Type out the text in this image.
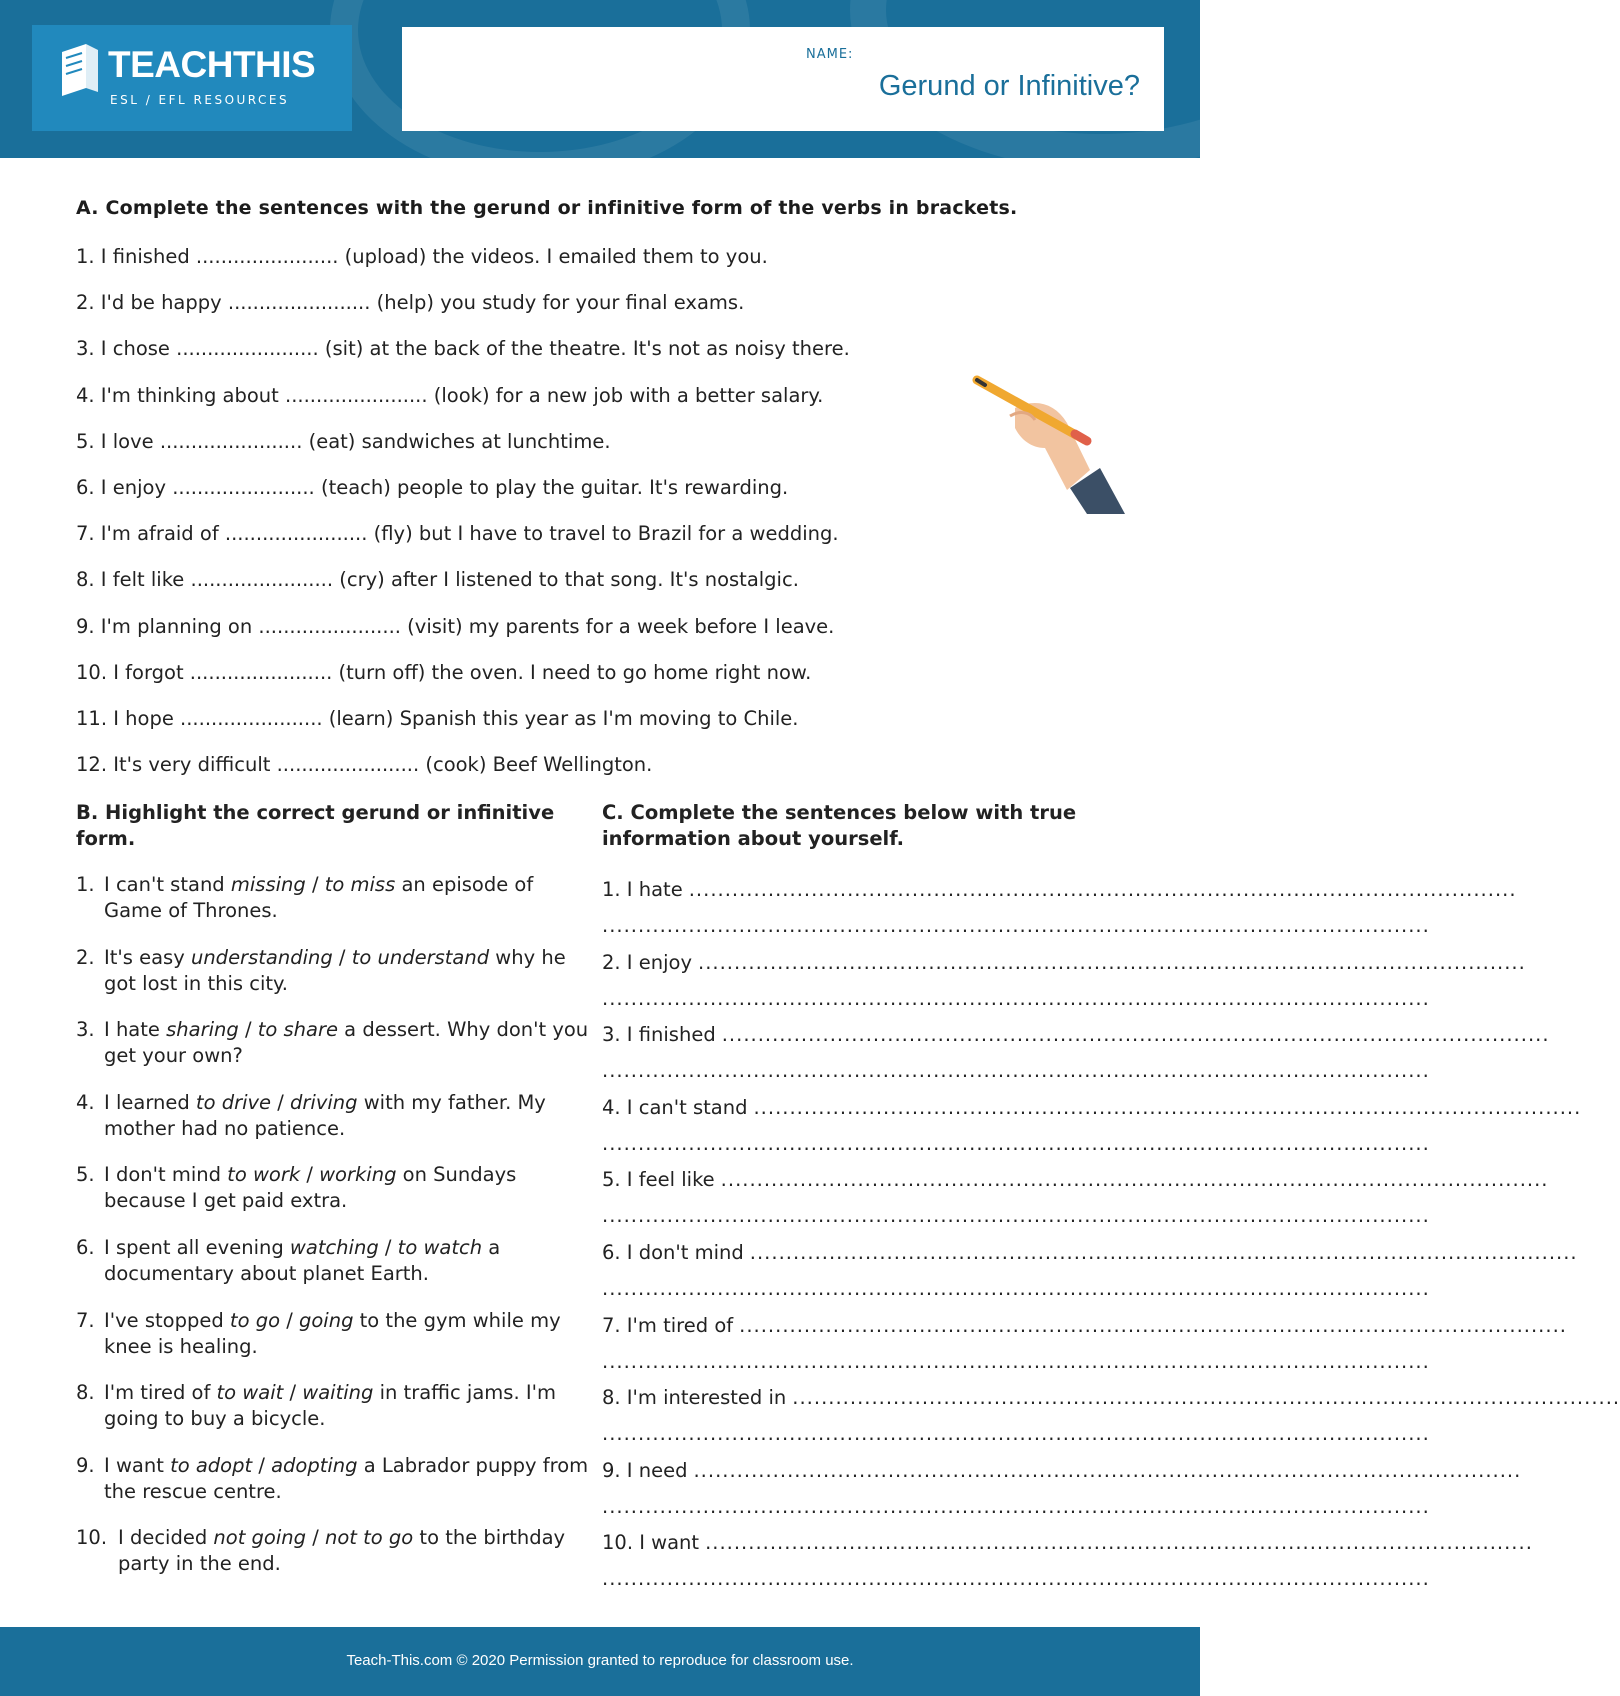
TEACHTHIS
ESL / EFL RESOURCES
NAME:
Gerund or Infinitive?
A. Complete the sentences with the gerund or infinitive form of the verbs in brackets.
1. I finished ....................... (upload) the videos. I emailed them to you.
2. I'd be happy ....................... (help) you study for your final exams.
3. I chose ....................... (sit) at the back of the theatre. It's not as noisy there.
4. I'm thinking about ....................... (look) for a new job with a better salary.
5. I love ....................... (eat) sandwiches at lunchtime.
6. I enjoy ....................... (teach) people to play the guitar. It's rewarding.
7. I'm afraid of ....................... (fly) but I have to travel to Brazil for a wedding.
8. I felt like ....................... (cry) after I listened to that song. It's nostalgic.
9. I'm planning on ....................... (visit) my parents for a week before I leave.
10. I forgot ....................... (turn off) the oven. I need to go home right now.
11. I hope ....................... (learn) Spanish this year as I'm moving to Chile.
12. It's very difficult ....................... (cook) Beef Wellington.
B. Highlight the correct gerund or infinitive form.
1. I can't stand missing / to miss an episode of Game of Thrones.
2. It's easy understanding / to understand why he got lost in this city.
3. I hate sharing / to share a dessert. Why don't you get your own?
4. I learned to drive / driving with my father. My mother had no patience.
5. I don't mind to work / working on Sundays because I get paid extra.
6. I spent all evening watching / to watch a documentary about planet Earth.
7. I've stopped to go / going to the gym while my knee is healing.
8. I'm tired of to wait / waiting in traffic jams. I'm going to buy a bicycle.
9. I want to adopt / adopting a Labrador puppy from the rescue centre.
10. I decided not going / not to go to the birthday party in the end.
C. Complete the sentences below with true information about yourself.
1. I hate ...................................................................................................................
...................................................................................................................
2. I enjoy ...................................................................................................................
...................................................................................................................
3. I finished ...................................................................................................................
...................................................................................................................
4. I can't stand ...................................................................................................................
...................................................................................................................
5. I feel like ...................................................................................................................
...................................................................................................................
6. I don't mind ...................................................................................................................
...................................................................................................................
7. I'm tired of ...................................................................................................................
...................................................................................................................
8. I'm interested in ...................................................................................................................
...................................................................................................................
9. I need ...................................................................................................................
...................................................................................................................
10. I want ...................................................................................................................
...................................................................................................................
Teach-This.com © 2020 Permission granted to reproduce for classroom use.
